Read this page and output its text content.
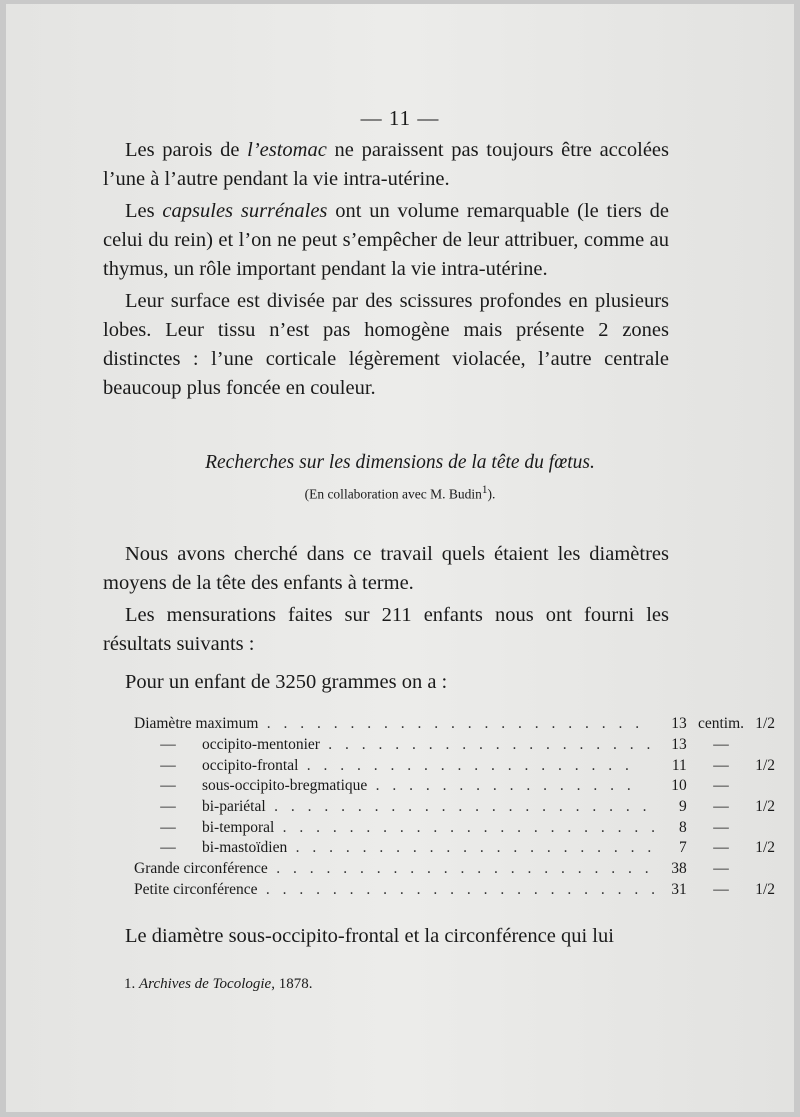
— 11 —

Les parois de l’estomac ne paraissent pas toujours être accolées l’une à l’autre pendant la vie intra-utérine.

Les capsules surrénales ont un volume remarquable (le tiers de celui du rein) et l’on ne peut s’empêcher de leur attribuer, comme au thymus, un rôle important pendant la vie intra-utérine.

Leur surface est divisée par des scissures profondes en plusieurs lobes. Leur tissu n’est pas homogène mais présente 2 zones distinctes : l’une corticale légèrement violacée, l’autre centrale beaucoup plus foncée en couleur.

Recherches sur les dimensions de la tête du fœtus.
(En collaboration avec M. Budin$^1$).

Nous avons cherché dans ce travail quels étaient les diamètres moyens de la tête des enfants à terme.

Les mensurations faites sur 211 enfants nous ont fourni les résultats suivants :

Pour un enfant de 3250 grammes on a :

Diamètre maximum . . . . . . . . . . . . . . . . . . . . . . .		13	centim.	1/2
—	occipito-mentonier . . . . . . . . . . . . . . . . . . . .	13	—	
—	occipito-frontal . . . . . . . . . . . . . . . . . . . .	11	—	1/2
—	sous-occipito-bregmatique . . . . . . . . . . . . . . . .	10	—	
—	bi-pariétal . . . . . . . . . . . . . . . . . . . . . . .	9	—	1/2
—	bi-temporal . . . . . . . . . . . . . . . . . . . . . . .	8	—	
—	bi-mastoïdien . . . . . . . . . . . . . . . . . . . . . .	7	—	1/2
Grande circonférence . . . . . . . . . . . . . . . . . . . . . . .		38	—	
Petite circonférence . . . . . . . . . . . . . . . . . . . . . . . .		31	—	1/2

Le diamètre sous-occipito-frontal et la circonférence qui lui

1. Archives de Tocologie, 1878.
